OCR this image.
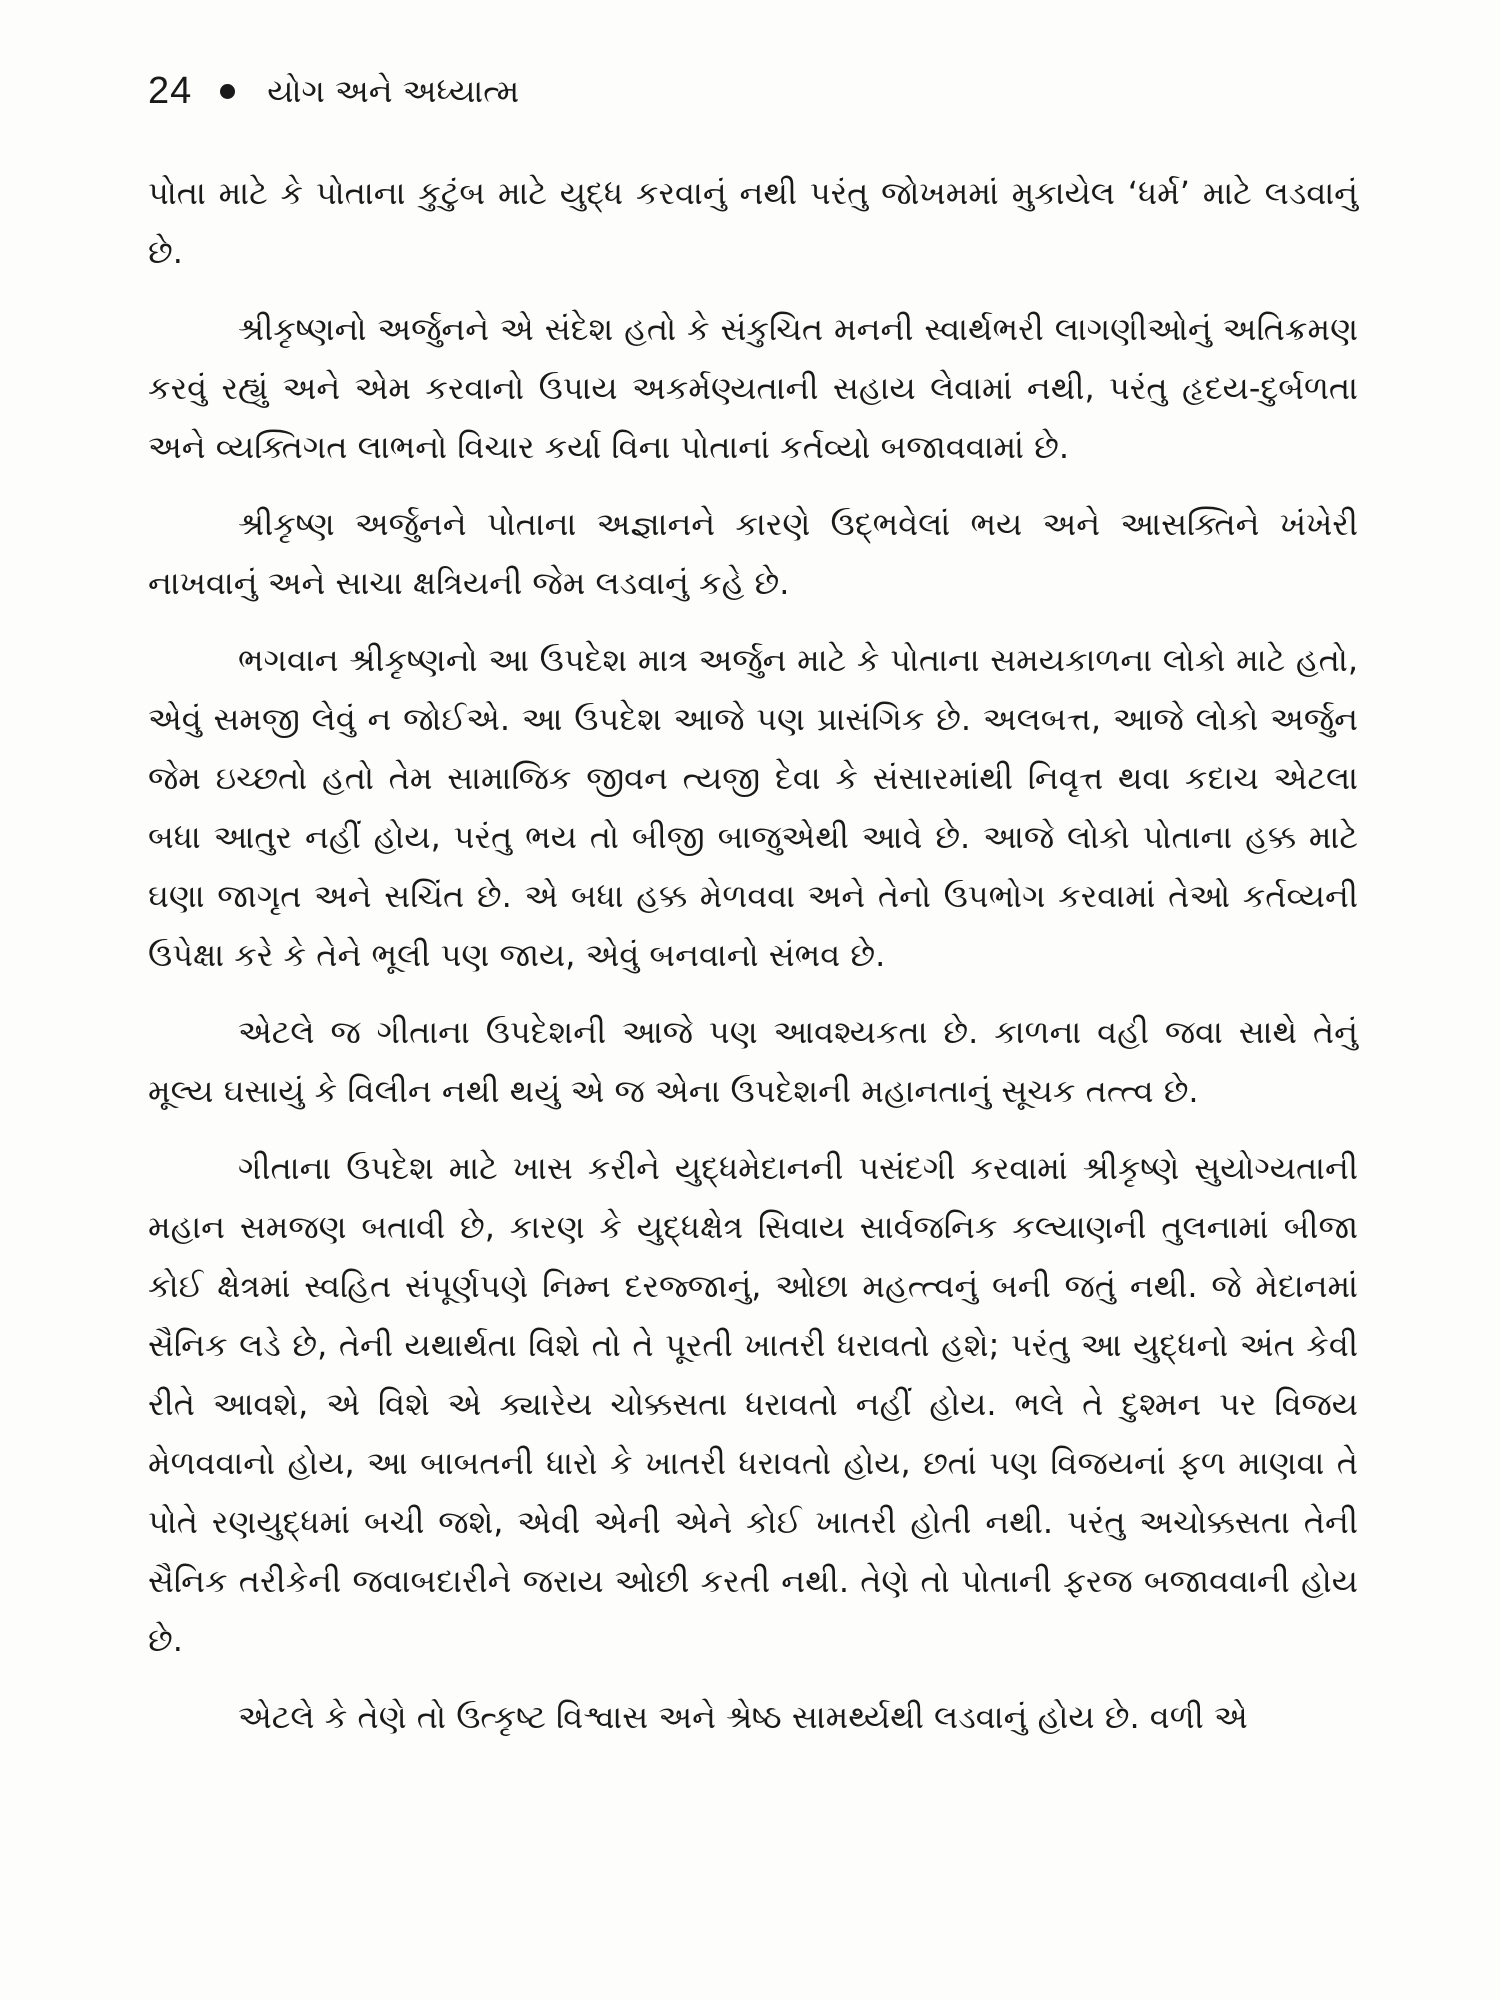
24 યોગ અને અધ્યાત્મ

પોતા માટે કે પોતાના કુટુંબ માટે યુદ્ધ કરવાનું નથી પરંતુ જોખમમાં મુકાયેલ ‘ધર્મ’ માટે લડવાનું છે.

શ્રીકૃષ્ણનો અર્જુનને એ સંદેશ હતો કે સંકુચિત મનની સ્વાર્થભરી લાગણીઓનું અતિક્રમણ કરવું રહ્યું અને એમ કરવાનો ઉપાય અકર્મણ્યતાની સહાય લેવામાં નથી, પરંતુ હૃદય-દુર્બળતા અને વ્યક્તિગત લાભનો વિચાર કર્યા વિના પોતાનાં કર્તવ્યો બજાવવામાં છે.

શ્રીકૃષ્ણ અર્જુનને પોતાના અજ્ઞાનને કારણે ઉદ્ભવેલાં ભય અને આસક્તિને ખંખેરી નાખવાનું અને સાચા ક્ષત્રિયની જેમ લડવાનું કહે છે.

ભગવાન શ્રીકૃષ્ણનો આ ઉપદેશ માત્ર અર્જુન માટે કે પોતાના સમયકાળના લોકો માટે હતો, એવું સમજી લેવું ન જોઈએ. આ ઉપદેશ આજે પણ પ્રાસંગિક છે. અલબત્ત, આજે લોકો અર્જુન જેમ ઇચ્છતો હતો તેમ સામાજિક જીવન ત્યજી દેવા કે સંસારમાંથી નિવૃત્ત થવા કદાચ એટલા બધા આતુર નહીં હોય, પરંતુ ભય તો બીજી બાજુએથી આવે છે. આજે લોકો પોતાના હક્ક માટે ઘણા જાગૃત અને સચિંત છે. એ બધા હક્ક મેળવવા અને તેનો ઉપભોગ કરવામાં તેઓ કર્તવ્યની ઉપેક્ષા કરે કે તેને ભૂલી પણ જાય, એવું બનવાનો સંભવ છે.

એટલે જ ગીતાના ઉપદેશની આજે પણ આવશ્યકતા છે. કાળના વહી જવા સાથે તેનું મૂલ્ય ઘસાયું કે વિલીન નથી થયું એ જ એના ઉપદેશની મહાનતાનું સૂચક તત્ત્વ છે.

ગીતાના ઉપદેશ માટે ખાસ કરીને યુદ્ધમેદાનની પસંદગી કરવામાં શ્રીકૃષ્ણે સુયોગ્યતાની મહાન સમજણ બતાવી છે, કારણ કે યુદ્ધક્ષેત્ર સિવાય સાર્વજનિક કલ્યાણની તુલનામાં બીજા કોઈ ક્ષેત્રમાં સ્વહિત સંપૂર્ણપણે નિમ્ન દરજ્જાનું, ઓછા મહત્ત્વનું બની જતું નથી. જે મેદાનમાં સૈનિક લડે છે, તેની યથાર્થતા વિશે તો તે પૂરતી ખાતરી ધરાવતો હશે; પરંતુ આ યુદ્ધનો અંત કેવી રીતે આવશે, એ વિશે એ ક્યારેય ચોક્કસતા ધરાવતો નહીં હોય. ભલે તે દુશ્મન પર વિજય મેળવવાનો હોય, આ બાબતની ધારો કે ખાતરી ધરાવતો હોય, છતાં પણ વિજયનાં ફળ માણવા તે પોતે રણયુદ્ધમાં બચી જશે, એવી એની એને કોઈ ખાતરી હોતી નથી. પરંતુ અચોક્કસતા તેની સૈનિક તરીકેની જવાબદારીને જરાય ઓછી કરતી નથી. તેણે તો પોતાની ફરજ બજાવવાની હોય છે.

એટલે કે તેણે તો ઉત્કૃષ્ટ વિશ્વાસ અને શ્રેષ્ઠ સામર્થ્યથી લડવાનું હોય છે. વળી એ
